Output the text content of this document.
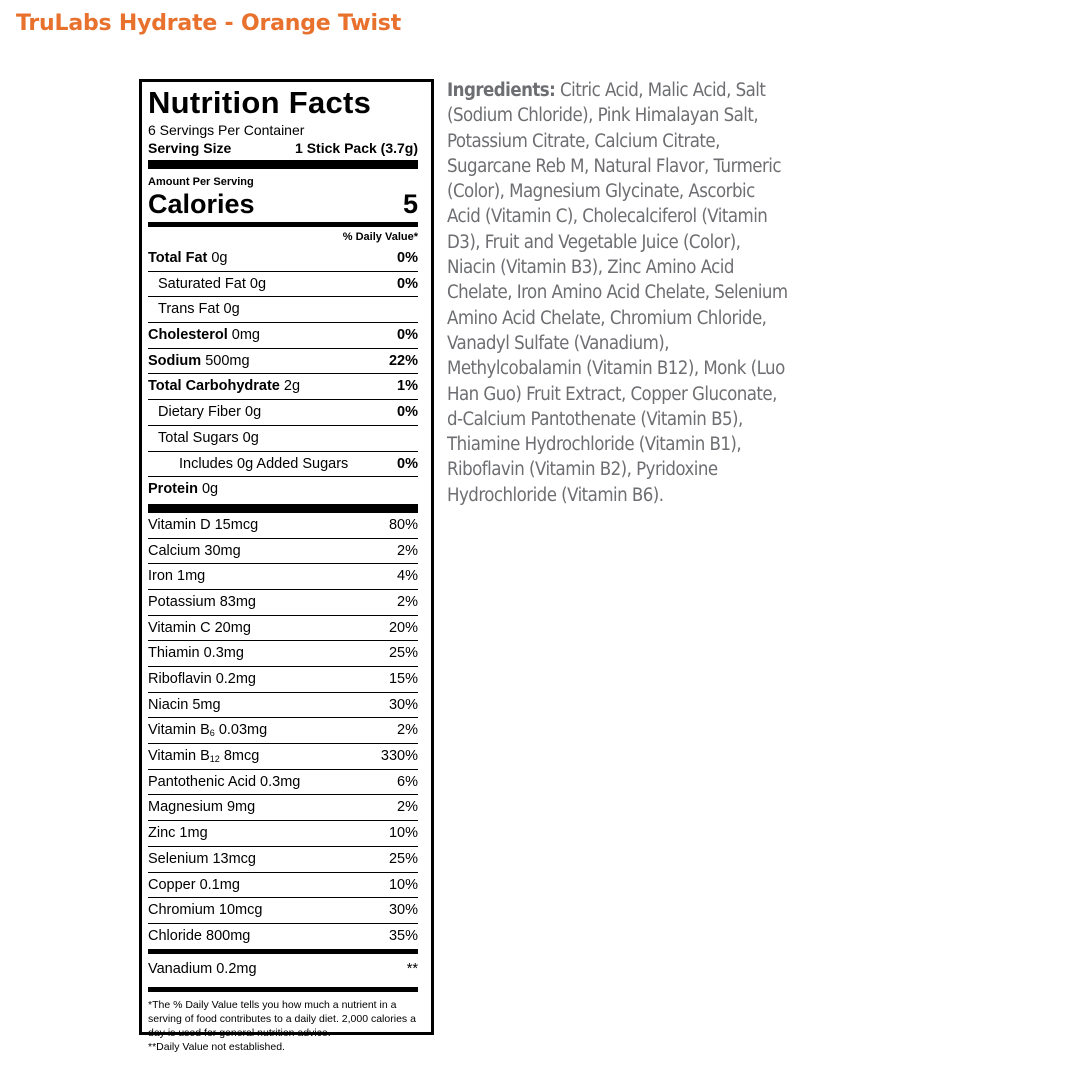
TruLabs Hydrate - Orange Twist
Nutrition Facts
6 Servings Per Container
Serving Size	1 Stick Pack (3.7g)
Amount Per Serving
Calories	5
% Daily Value*
Total Fat 0g	0%
Saturated Fat 0g	0%
Trans Fat 0g
Cholesterol 0mg	0%
Sodium 500mg	22%
Total Carbohydrate 2g	1%
Dietary Fiber 0g	0%
Total Sugars 0g
Includes 0g Added Sugars	0%
Protein 0g
Vitamin D 15mcg	80%
Calcium 30mg	2%
Iron 1mg	4%
Potassium 83mg	2%
Vitamin C 20mg	20%
Thiamin 0.3mg	25%
Riboflavin 0.2mg	15%
Niacin 5mg	30%
Vitamin $B_6$ 0.03mg	2%
Vitamin $B_{12}$ 8mcg	330%
Pantothenic Acid 0.3mg	6%
Magnesium 9mg	2%
Zinc 1mg	10%
Selenium 13mcg	25%
Copper 0.1mg	10%
Chromium 10mcg	30%
Chloride 800mg	35%
Vanadium 0.2mg	**
*The % Daily Value tells you how much a nutrient in a serving of food contributes to a daily diet. 2,000 calories a day is used for general nutrition advice.
**Daily Value not established.
Ingredients: Citric Acid, Malic Acid, Salt (Sodium Chloride), Pink Himalayan Salt, Potassium Citrate, Calcium Citrate, Sugarcane Reb M, Natural Flavor, Turmeric (Color), Magnesium Glycinate, Ascorbic Acid (Vitamin C), Cholecalciferol (Vitamin D3), Fruit and Vegetable Juice (Color), Niacin (Vitamin B3), Zinc Amino Acid Chelate, Iron Amino Acid Chelate, Selenium Amino Acid Chelate, Chromium Chloride, Vanadyl Sulfate (Vanadium), Methylcobalamin (Vitamin B12), Monk (Luo Han Guo) Fruit Extract, Copper Gluconate, d-Calcium Pantothenate (Vitamin B5), Thiamine Hydrochloride (Vitamin B1), Riboflavin (Vitamin B2), Pyridoxine Hydrochloride (Vitamin B6).
